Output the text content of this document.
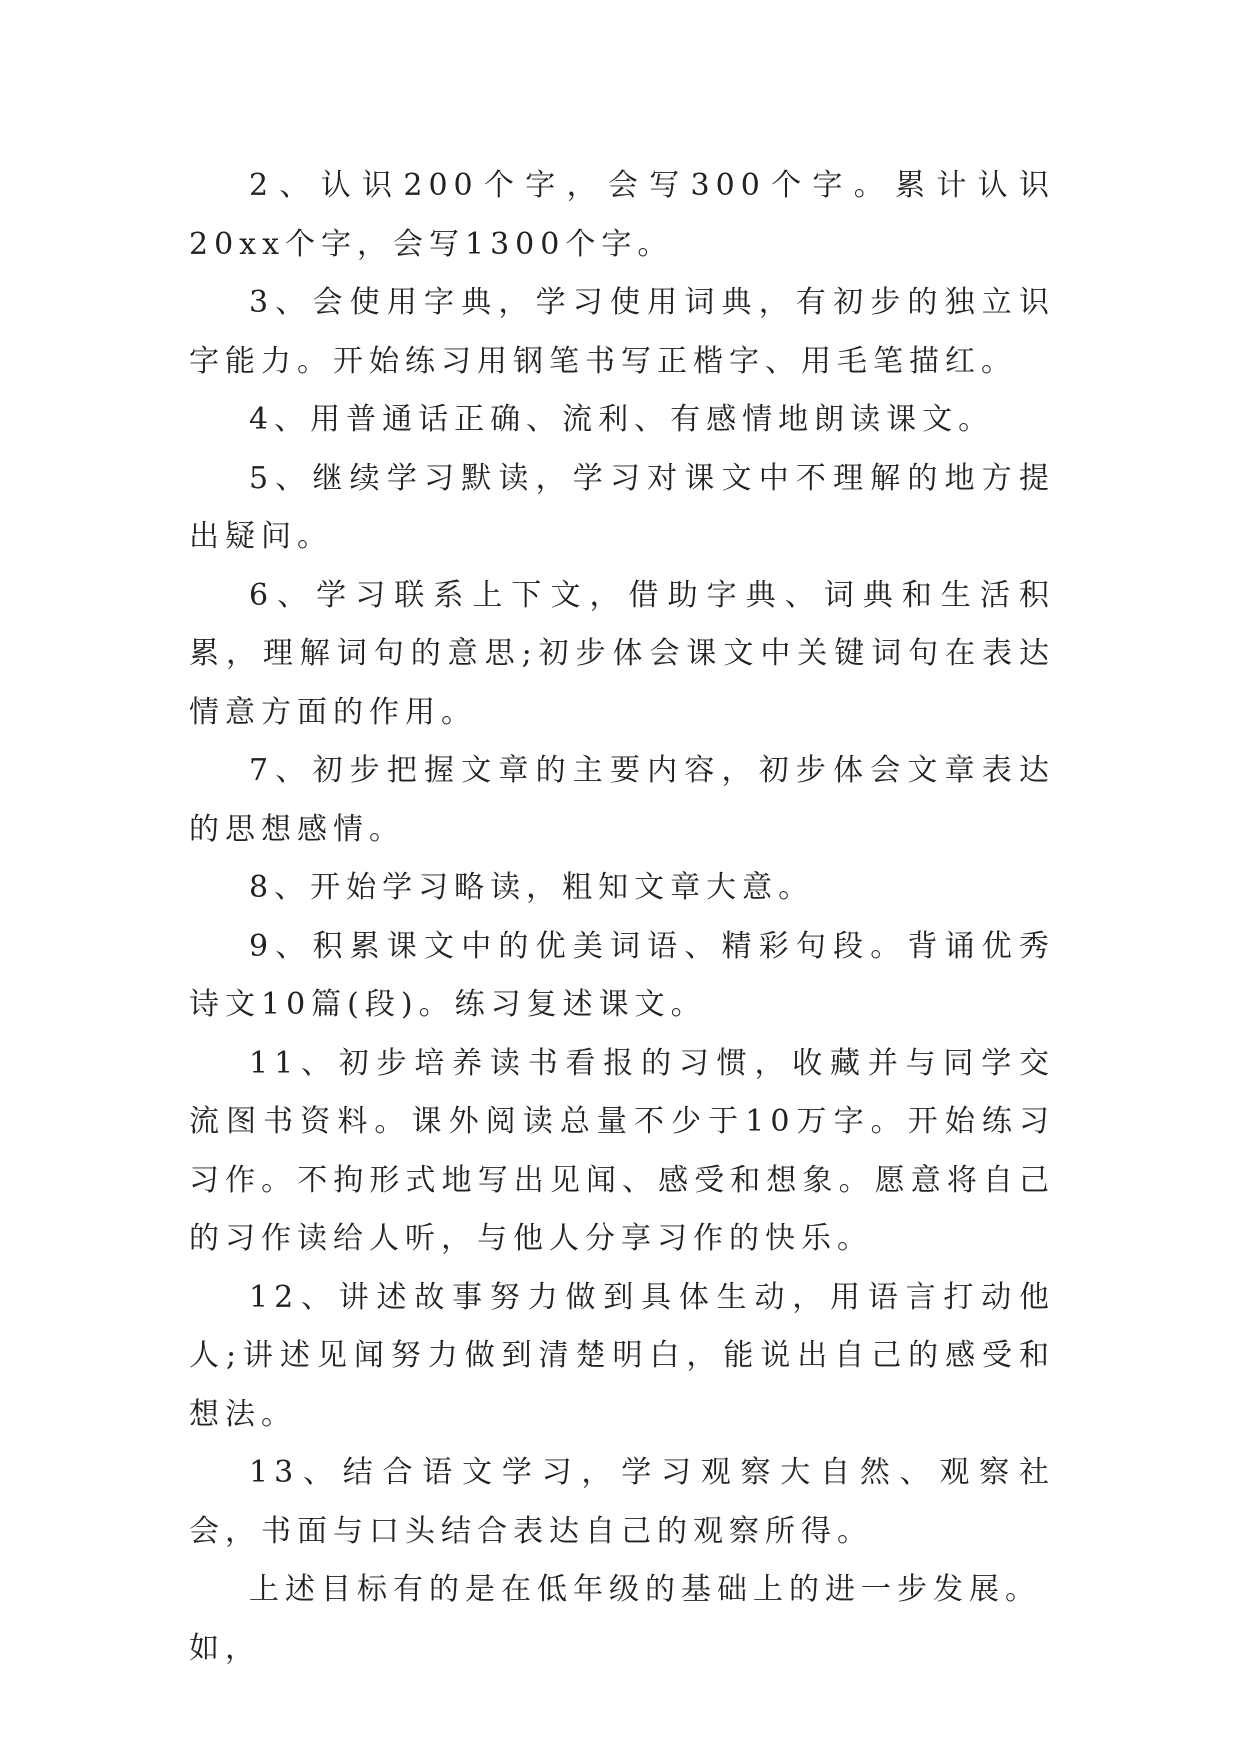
2、认识200个字，会写300个字。累计认识20xx个字，会写1300个字。

3、会使用字典，学习使用词典，有初步的独立识字能力。开始练习用钢笔书写正楷字、用毛笔描红。

4、用普通话正确、流利、有感情地朗读课文。

5、继续学习默读，学习对课文中不理解的地方提出疑问。

6、学习联系上下文，借助字典、词典和生活积累，理解词句的意思;初步体会课文中关键词句在表达情意方面的作用。

7、初步把握文章的主要内容，初步体会文章表达的思想感情。

8、开始学习略读，粗知文章大意。

9、积累课文中的优美词语、精彩句段。背诵优秀诗文10篇(段)。练习复述课文。

11、初步培养读书看报的习惯，收藏并与同学交流图书资料。课外阅读总量不少于10万字。开始练习习作。不拘形式地写出见闻、感受和想象。愿意将自己的习作读给人听，与他人分享习作的快乐。

12、讲述故事努力做到具体生动，用语言打动他人;讲述见闻努力做到清楚明白，能说出自己的感受和想法。

13、结合语文学习，学习观察大自然、观察社会，书面与口头结合表达自己的观察所得。

上述目标有的是在低年级的基础上的进一步发展。如，
